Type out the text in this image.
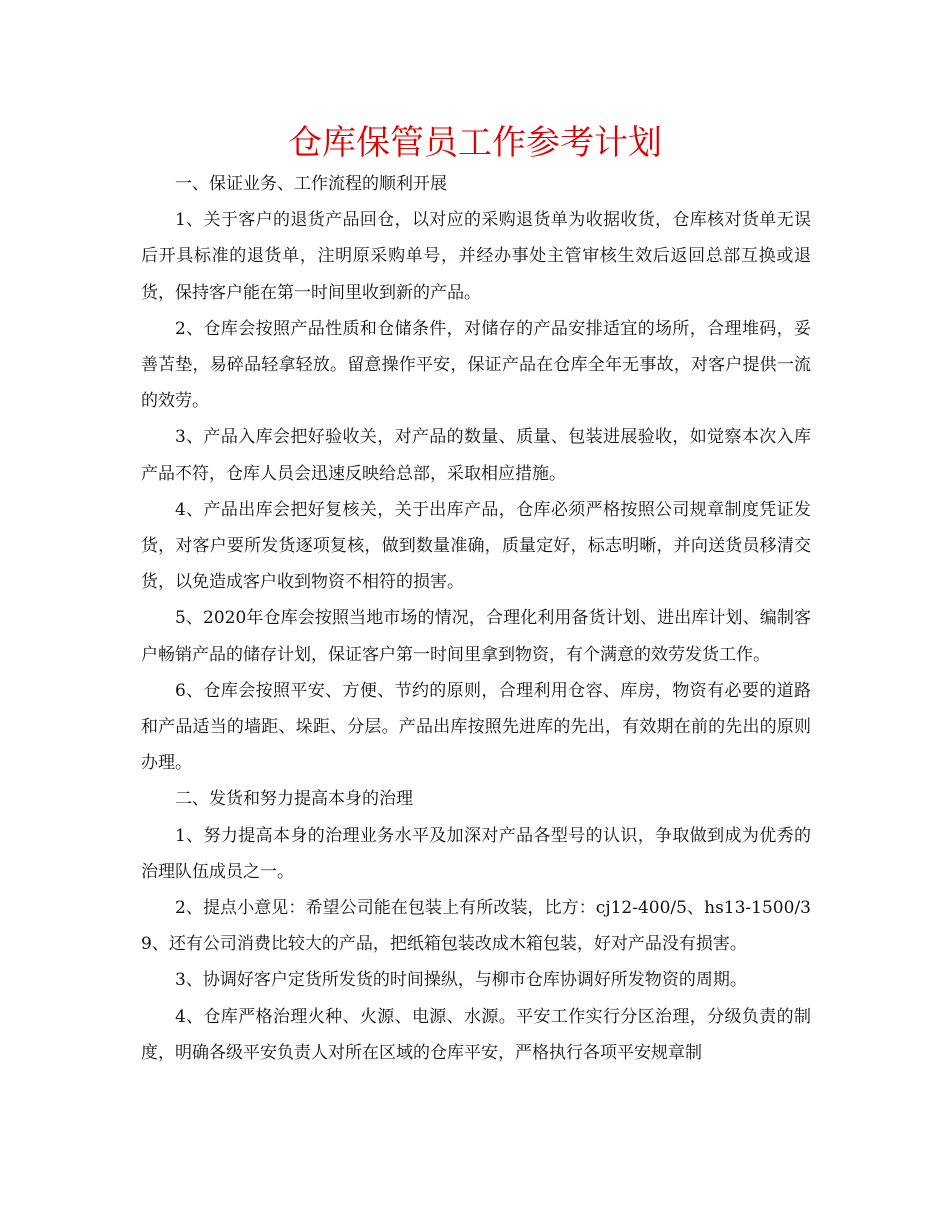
仓库保管员工作参考计划

一、保证业务、工作流程的顺利开展

1、关于客户的退货产品回仓，以对应的采购退货单为收据收货，仓库核对货单无误后开具标准的退货单，注明原采购单号，并经办事处主管审核生效后返回总部互换或退货，保持客户能在第一时间里收到新的产品。

2、仓库会按照产品性质和仓储条件，对储存的产品安排适宜的场所，合理堆码，妥善苫垫，易碎品轻拿轻放。留意操作平安，保证产品在仓库全年无事故，对客户提供一流的效劳。

3、产品入库会把好验收关，对产品的数量、质量、包装进展验收，如觉察本次入库产品不符，仓库人员会迅速反映给总部，采取相应措施。

4、产品出库会把好复核关，关于出库产品，仓库必须严格按照公司规章制度凭证发货，对客户要所发货逐项复核，做到数量准确，质量定好，标志明晰，并向送货员移清交货，以免造成客户收到物资不相符的损害。

5、2020年仓库会按照当地市场的情况，合理化利用备货计划、进出库计划、编制客户畅销产品的储存计划，保证客户第一时间里拿到物资，有个满意的效劳发货工作。

6、仓库会按照平安、方便、节约的原则，合理利用仓容、库房，物资有必要的道路和产品适当的墙距、垛距、分层。产品出库按照先进库的先出，有效期在前的先出的原则办理。

二、发货和努力提高本身的治理

1、努力提高本身的治理业务水平及加深对产品各型号的认识，争取做到成为优秀的治理队伍成员之一。

2、提点小意见：希望公司能在包装上有所改装，比方：cj12-400/5、hs13-1500/39、还有公司消费比较大的产品，把纸箱包装改成木箱包装，好对产品没有损害。

3、协调好客户定货所发货的时间操纵，与柳市仓库协调好所发物资的周期。

4、仓库严格治理火种、火源、电源、水源。平安工作实行分区治理，分级负责的制度，明确各级平安负责人对所在区域的仓库平安，严格执行各项平安规章制
